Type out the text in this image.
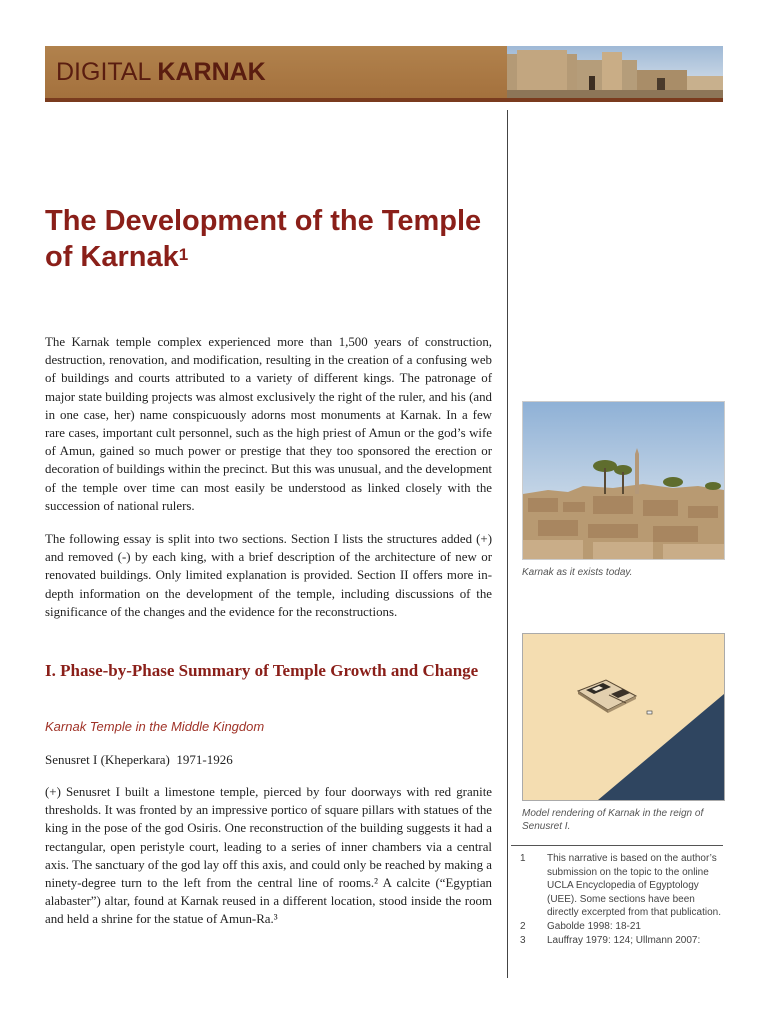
DIGITAL KARNAK
The Development of the Temple of Karnak$^1$

The Karnak temple complex experienced more than 1,500 years of construction, destruction, renovation, and modification, resulting in the creation of a confusing web of buildings and courts attributed to a variety of different kings. The patronage of major state building projects was almost exclusively the right of the ruler, and his (and in one case, her) name conspicuously adorns most monuments at Karnak. In a few rare cases, important cult personnel, such as the high priest of Amun or the god’s wife of Amun, gained so much power or prestige that they too sponsored the erection or decoration of buildings within the precinct. But this was unusual, and the development of the temple over time can most easily be understood as linked closely with the succession of national rulers.

The following essay is split into two sections. Section I lists the structures added (+) and removed (-) by each king, with a brief description of the architecture of new or renovated buildings. Only limited explanation is provided. Section II offers more in-depth information on the development of the temple, including discussions of the significance of the changes and the evidence for the reconstructions.

I. Phase-by-Phase Summary of Temple Growth and Change

Karnak Temple in the Middle Kingdom

Senusret I (Kheperkara) 1971-1926

(+) Senusret I built a limestone temple, pierced by four doorways with red granite thresholds. It was fronted by an impressive portico of square pillars with statues of the king in the pose of the god Osiris. One reconstruction of the building suggests it had a rectangular, open peristyle court, leading to a series of inner chambers via a central axis. The sanctuary of the god lay off this axis, and could only be reached by making a ninety-degree turn to the left from the central line of rooms.² A calcite (“Egyptian alabaster”) altar, found at Karnak reused in a different location, stood inside the room and held a shrine for the statue of Amun-Ra.³

Karnak as it exists today.

Model rendering of Karnak in the reign of Senusret I.

1	This narrative is based on the author’s submission on the topic to the online UCLA Encyclopedia of Egyptology (UEE). Some sections have been directly excerpted from that publication.
2	Gabolde 1998: 18-21
3	Lauffray 1979: 124; Ullmann 2007:
